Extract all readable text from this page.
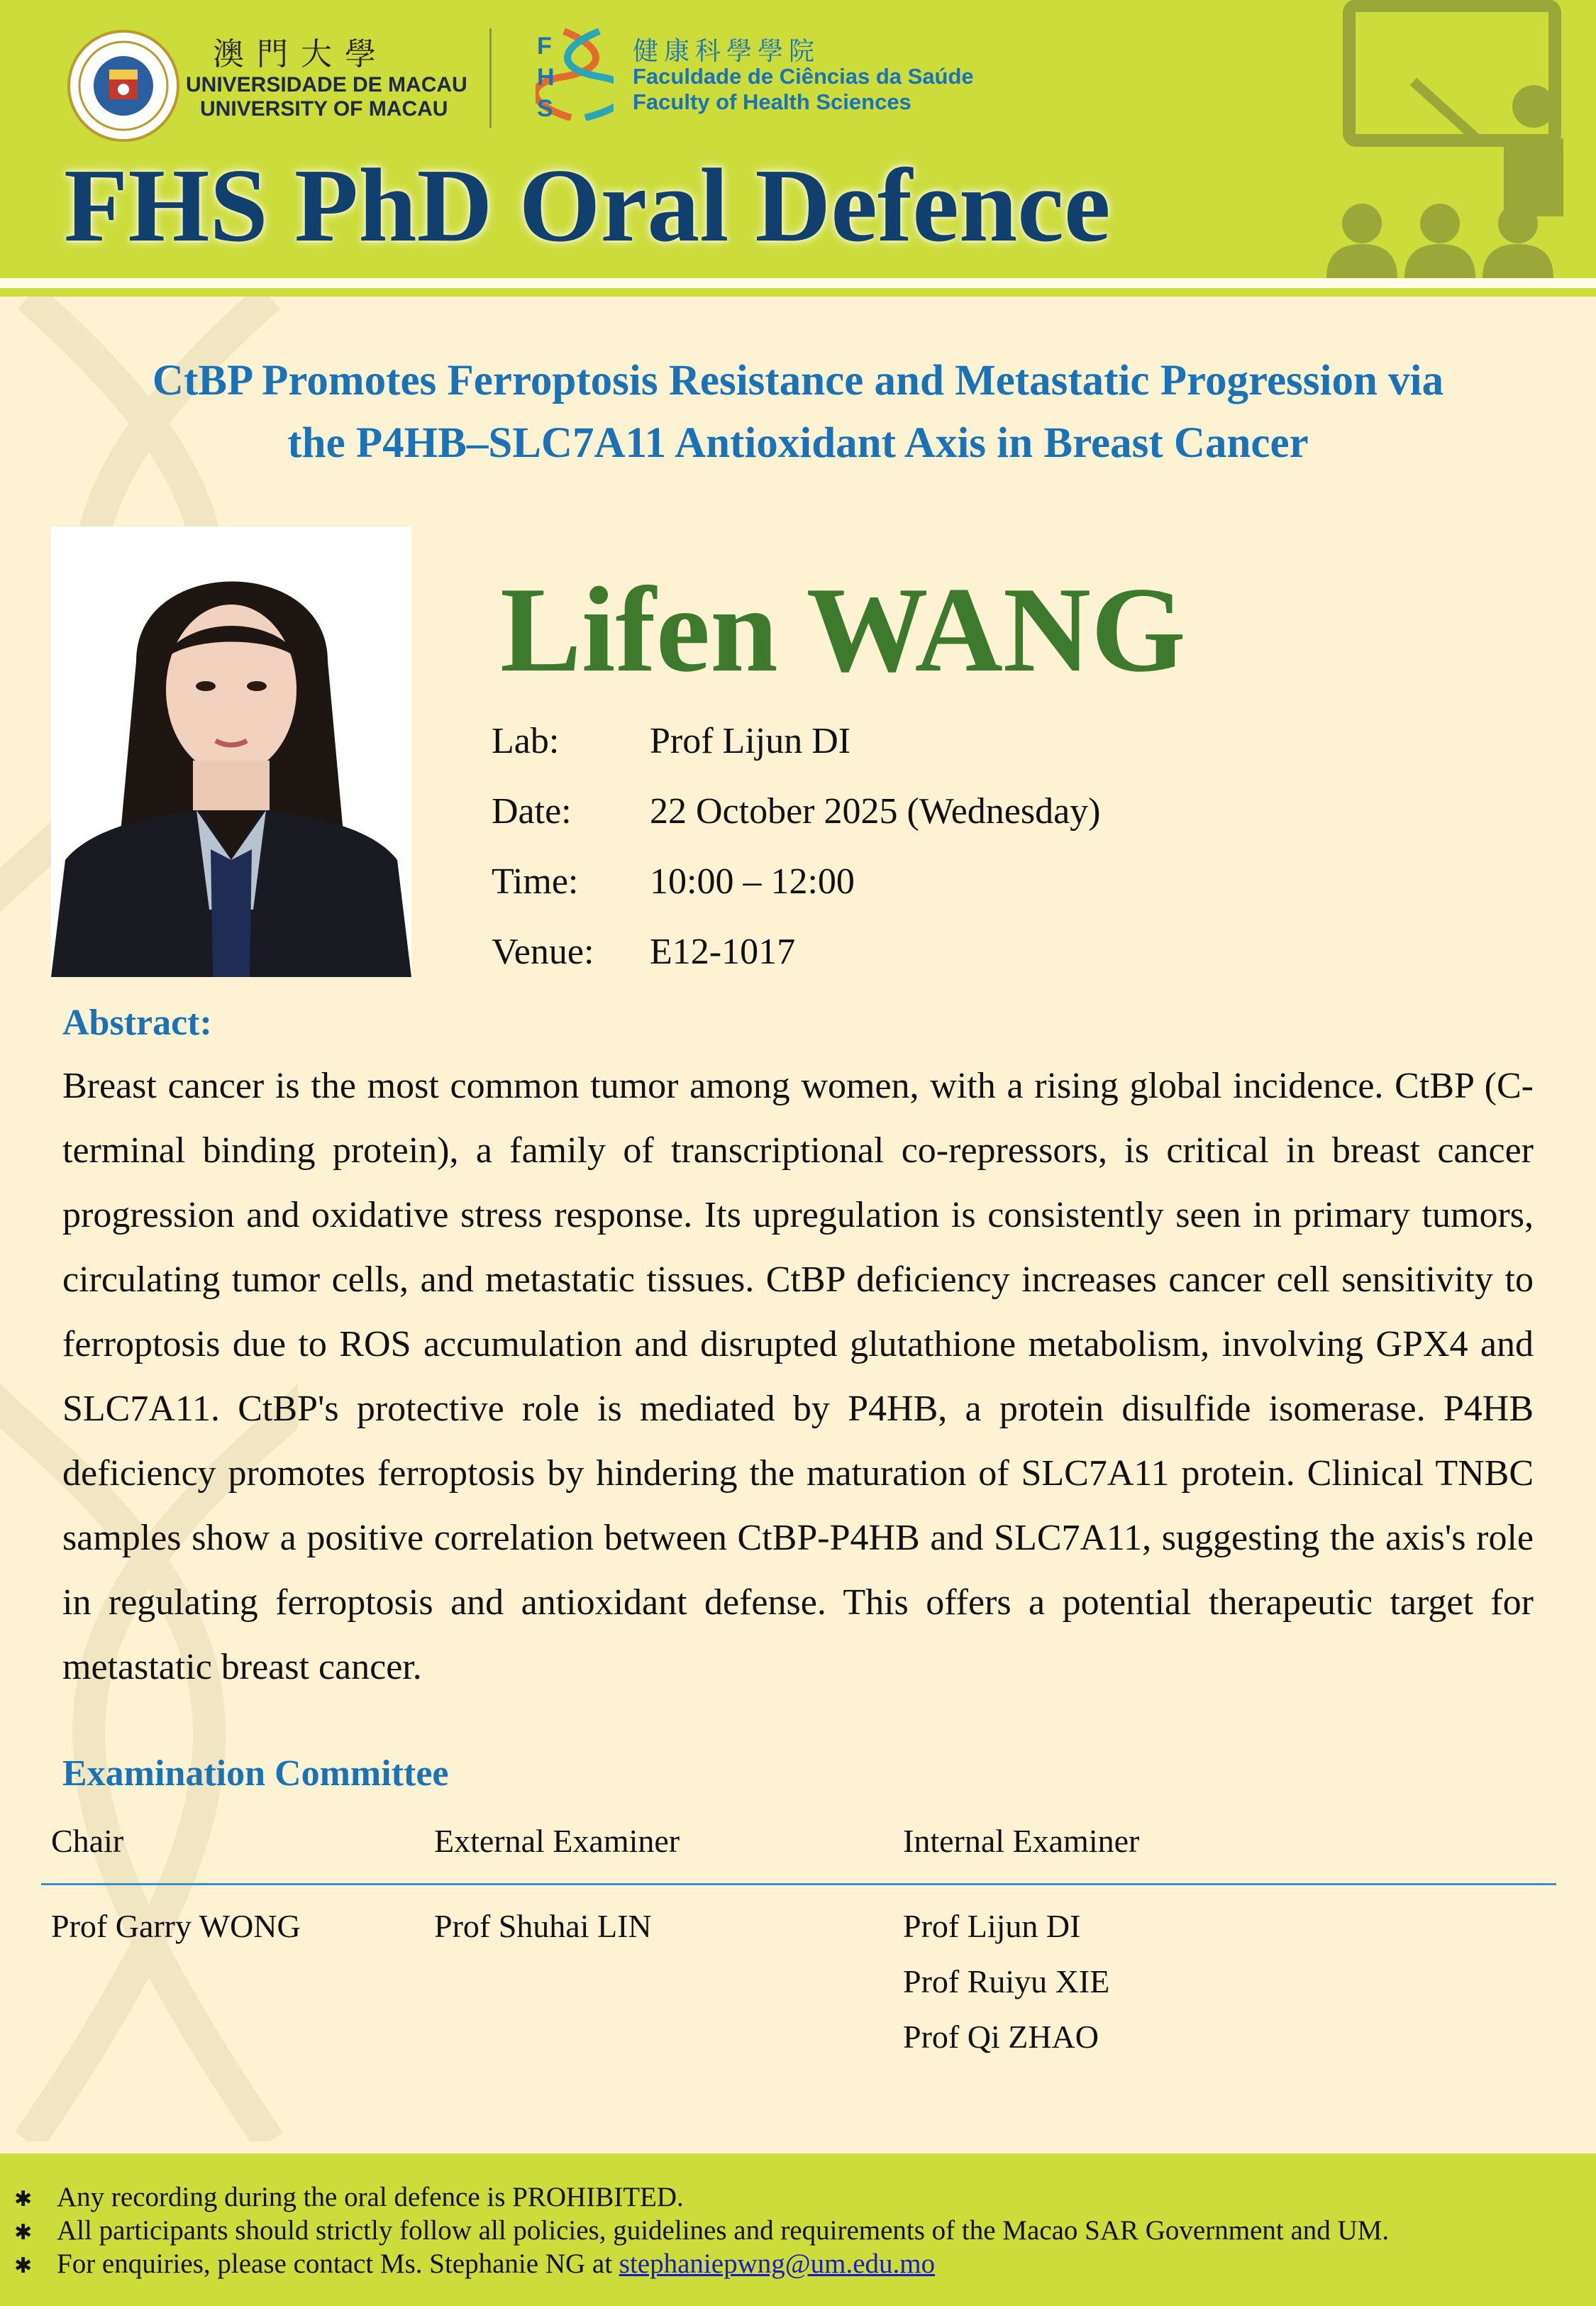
澳門大學
UNIVERSIDADE DE MACAU
UNIVERSITY OF MACAU
F
H
S
健康科學學院
Faculdade de Ciências da Saúde
Faculty of Health Sciences
FHS PhD Oral Defence
CtBP Promotes Ferroptosis Resistance and Metastatic Progression via
the P4HB–SLC7A11 Antioxidant Axis in Breast Cancer
Lifen WANG
Lab: Prof Lijun DI
Date: 22 October 2025 (Wednesday)
Time: 10:00 – 12:00
Venue: E12-1017
Abstract:
Breast cancer is the most common tumor among women, with a rising global incidence. CtBP (C-terminal binding protein), a family of transcriptional co-repressors, is critical in breast cancer progression and oxidative stress response. Its upregulation is consistently seen in primary tumors, circulating tumor cells, and metastatic tissues. CtBP deficiency increases cancer cell sensitivity to ferroptosis due to ROS accumulation and disrupted glutathione metabolism, involving GPX4 and SLC7A11. CtBP's protective role is mediated by P4HB, a protein disulfide isomerase. P4HB deficiency promotes ferroptosis by hindering the maturation of SLC7A11 protein. Clinical TNBC samples show a positive correlation between CtBP-P4HB and SLC7A11, suggesting the axis's role in regulating ferroptosis and antioxidant defense. This offers a potential therapeutic target for metastatic breast cancer.
Examination Committee
Chair	External Examiner	Internal Examiner
Prof Garry WONG	Prof Shuhai LIN	Prof Lijun DI
Prof Ruiyu XIE
Prof Qi ZHAO
✱ Any recording during the oral defence is PROHIBITED.
✱ All participants should strictly follow all policies, guidelines and requirements of the Macao SAR Government and UM.
✱ For enquiries, please contact Ms. Stephanie NG at stephaniepwng@um.edu.mo
